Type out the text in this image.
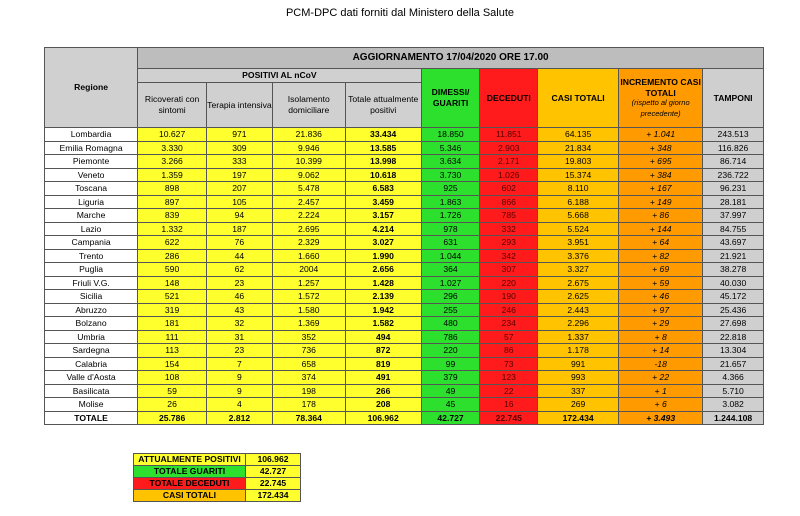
PCM-DPC dati forniti dal Ministero della Salute
Regione	AGGIORNAMENTO 17/04/2020 ORE 17.00								
	POSITIVI AL nCoV				DIMESSI/ GUARITI	DECEDUTI	CASI TOTALI	INCREMENTO CASI TOTALI
(rispetto al giorno precedente)	TAMPONI
	Ricoverati con sintomi	Terapia intensiva	Isolamento domiciliare	Totale attualmente positivi					
Lombardia	10.627	971	21.836	33.434	18.850	11.851	64.135	+ 1.041	243.513
Emilia Romagna	3.330	309	9.946	13.585	5.346	2.903	21.834	+ 348	116.826
Piemonte	3.266	333	10.399	13.998	3.634	2.171	19.803	+ 695	86.714
Veneto	1.359	197	9.062	10.618	3.730	1.026	15.374	+ 384	236.722
Toscana	898	207	5.478	6.583	925	602	8.110	+ 167	96.231
Liguria	897	105	2.457	3.459	1.863	866	6.188	+ 149	28.181
Marche	839	94	2.224	3.157	1.726	785	5.668	+ 86	37.997
Lazio	1.332	187	2.695	4.214	978	332	5.524	+ 144	84.755
Campania	622	76	2.329	3.027	631	293	3.951	+ 64	43.697
Trento	286	44	1.660	1.990	1.044	342	3.376	+ 82	21.921
Puglia	590	62	2004	2.656	364	307	3.327	+ 69	38.278
Friuli V.G.	148	23	1.257	1.428	1.027	220	2.675	+ 59	40.030
Sicilia	521	46	1.572	2.139	296	190	2.625	+ 46	45.172
Abruzzo	319	43	1.580	1.942	255	246	2.443	+ 97	25.436
Bolzano	181	32	1.369	1.582	480	234	2.296	+ 29	27.698
Umbria	111	31	352	494	786	57	1.337	+ 8	22.818
Sardegna	113	23	736	872	220	86	1.178	+ 14	13.304
Calabria	154	7	658	819	99	73	991	-18	21.657
Valle d'Aosta	108	9	374	491	379	123	993	+ 22	4.366
Basilicata	59	9	198	266	49	22	337	+ 1	5.710
Molise	26	4	178	208	45	16	269	+ 6	3.082
TOTALE	25.786	2.812	78.364	106.962	42.727	22.745	172.434	+ 3.493	1.244.108
ATTUALMENTE POSITIVI	106.962
TOTALE GUARITI	42.727
TOTALE DECEDUTI	22.745
CASI TOTALI	172.434
